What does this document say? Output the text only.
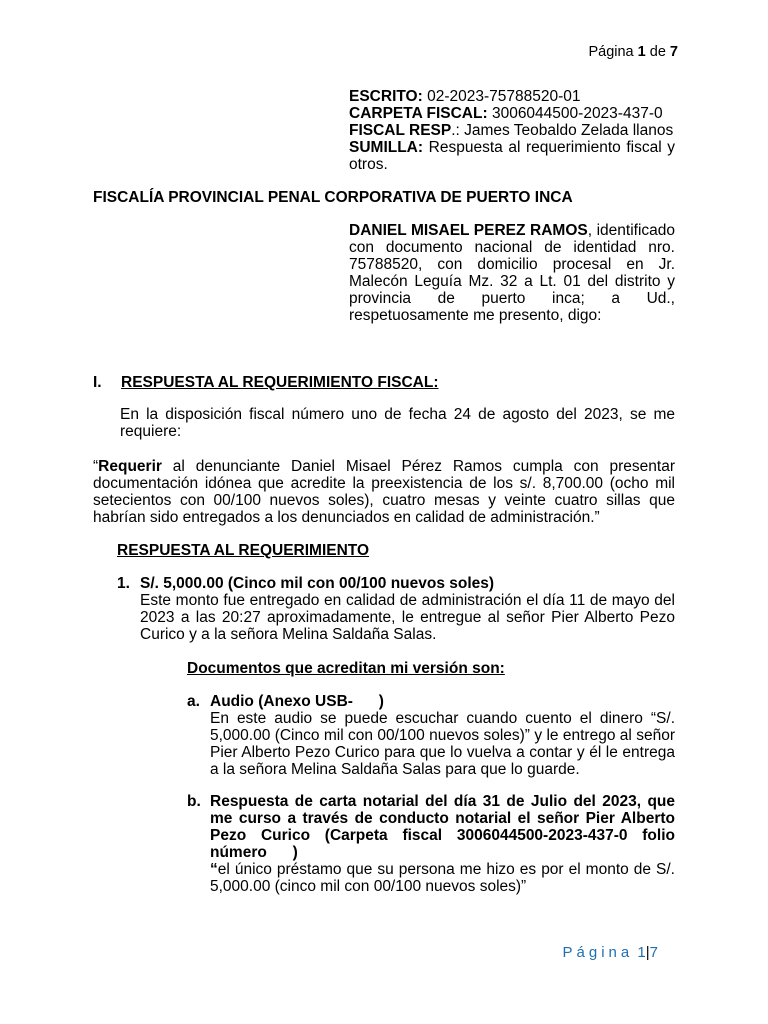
Página 1 de 7
ESCRITO: 02-2023-75788520-01
CARPETA FISCAL: 3006044500-2023-437-0
FISCAL RESP.: James Teobaldo Zelada llanos
SUMILLA: Respuesta al requerimiento fiscal y otros.
FISCALÍA PROVINCIAL PENAL CORPORATIVA DE PUERTO INCA
DANIEL MISAEL PEREZ RAMOS, identificado con documento nacional de identidad nro. 75788520, con domicilio procesal en Jr. Malecón Leguía Mz. 32 a Lt. 01 del distrito y provincia de puerto inca; a Ud., respetuosamente me presento, digo:
I. RESPUESTA AL REQUERIMIENTO FISCAL:
En la disposición fiscal número uno de fecha 24 de agosto del 2023, se me requiere:
“Requerir al denunciante Daniel Misael Pérez Ramos cumpla con presentar documentación idónea que acredite la preexistencia de los s/. 8,700.00 (ocho mil setecientos con 00/100 nuevos soles), cuatro mesas y veinte cuatro sillas que habrían sido entregados a los denunciados en calidad de administración.”
RESPUESTA AL REQUERIMIENTO
1. S/. 5,000.00 (Cinco mil con 00/100 nuevos soles)
Este monto fue entregado en calidad de administración el día 11 de mayo del 2023 a las 20:27 aproximadamente, le entregue al señor Pier Alberto Pezo Curico y a la señora Melina Saldaña Salas.
Documentos que acreditan mi versión son:
a. Audio (Anexo USB-      )
En este audio se puede escuchar cuando cuento el dinero “S/. 5,000.00 (Cinco mil con 00/100 nuevos soles)” y le entrego al señor Pier Alberto Pezo Curico para que lo vuelva a contar y él le entrega a la señora Melina Saldaña Salas para que lo guarde.
b. Respuesta de carta notarial del día 31 de Julio del 2023, que me curso a través de conducto notarial el señor Pier Alberto Pezo Curico (Carpeta fiscal 3006044500-2023-437-0 folio número      )
“el único préstamo que su persona me hizo es por el monto de S/. 5,000.00 (cinco mil con 00/100 nuevos soles)”
Página 1|7
